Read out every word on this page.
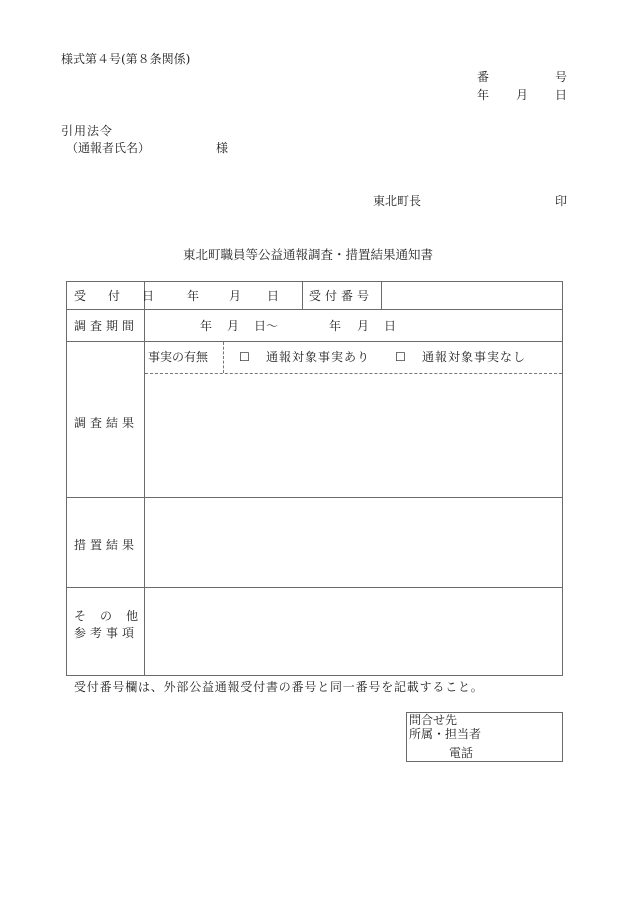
様式第４号(第８条関係)
番	号
年 月 日
引用法令
（通報者氏名）	様
東北町長	印
東北町職員等公益通報調査・措置結果通知書
受　付　日 年 月 日 受付番号
調査期間	年 月 日～	年 月 日
調査結果
事実の有無	☐ 通報対象事実あり ☐ 通報対象事実なし
措置結果
そ　の　他
参考事項
受付番号欄は、外部公益通報受付書の番号と同一番号を記載すること。
問合せ先
所属・担当者
電話
